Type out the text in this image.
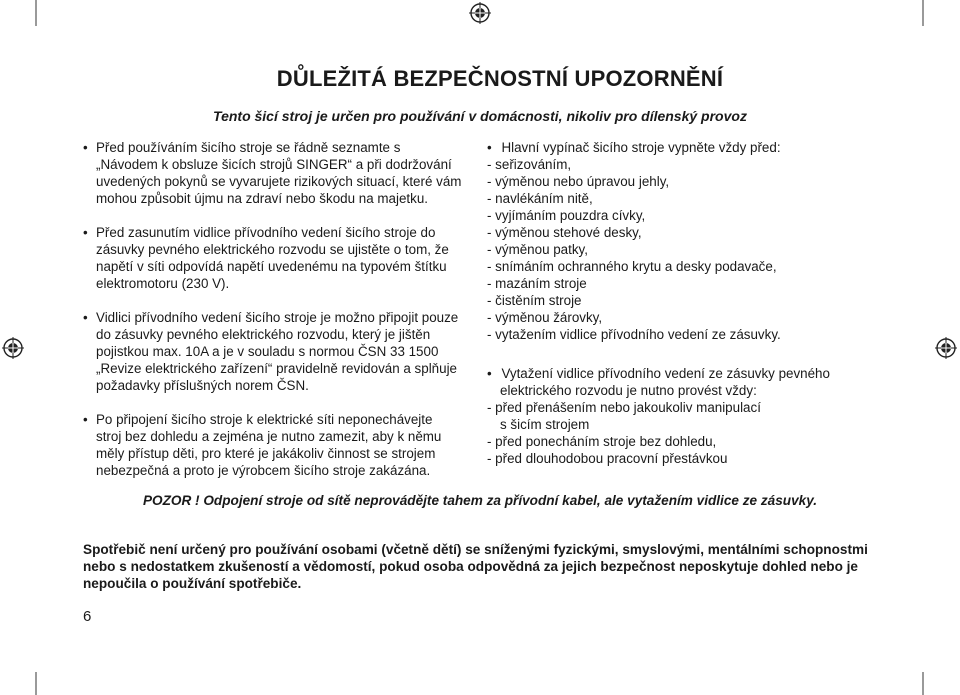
DŮLEŽITÁ BEZPEČNOSTNÍ UPOZORNĚNÍ
Tento šicí stroj je určen pro používání v domácnosti, nikoliv pro dílenský provoz
• Před používáním šicího stroje se řádně seznamte s
„Návodem k obsluze šicích strojů SINGER“ a při dodržování
uvedených pokynů se vyvarujete rizikových situací, které vám
mohou způsobit újmu na zdraví nebo škodu na majetku.
• Před zasunutím vidlice přívodního vedení šicího stroje do
zásuvky pevného elektrického rozvodu se ujistěte o tom, že
napětí v síti odpovídá napětí uvedenému na typovém štítku
elektromotoru (230 V).
• Vidlici přívodního vedení šicího stroje je možno připojit pouze
do zásuvky pevného elektrického rozvodu, který je jištěn
pojistkou max. 10A a je v souladu s normou ČSN 33 1500
„Revize elektrického zařízení“ pravidelně revidován a splňuje
požadavky příslušných norem ČSN.
• Po připojení šicího stroje k elektrické síti neponechávejte
stroj bez dohledu a zejména je nutno zamezit, aby k němu
měly přístup děti, pro které je jakákoliv činnost se strojem
nebezpečná a proto je výrobcem šicího stroje zakázána.
• Hlavní vypínač šicího stroje vypněte vždy před:
- seřizováním,
- výměnou nebo úpravou jehly,
- navlékáním nitě,
- vyjímáním pouzdra cívky,
- výměnou stehové desky,
- výměnou patky,
- snímáním ochranného krytu a desky podavače,
- mazáním stroje
- čistěním stroje
- výměnou žárovky,
- vytažením vidlice přívodního vedení ze zásuvky.
• Vytažení vidlice přívodního vedení ze zásuvky pevného
elektrického rozvodu je nutno provést vždy:
- před přenášením nebo jakoukoliv manipulací
s šicím strojem
- před ponecháním stroje bez dohledu,
- před dlouhodobou pracovní přestávkou
POZOR ! Odpojení stroje od sítě neprovádějte tahem za přívodní kabel, ale vytažením vidlice ze zásuvky.
Spotřebič není určený pro používání osobami (včetně dětí) se sníženými fyzickými, smyslovými, mentálními schopnostmi
nebo s nedostatkem zkušeností a vědomostí, pokud osoba odpovědná za jejich bezpečnost neposkytuje dohled nebo je
nepoučila o používání spotřebiče.
6
